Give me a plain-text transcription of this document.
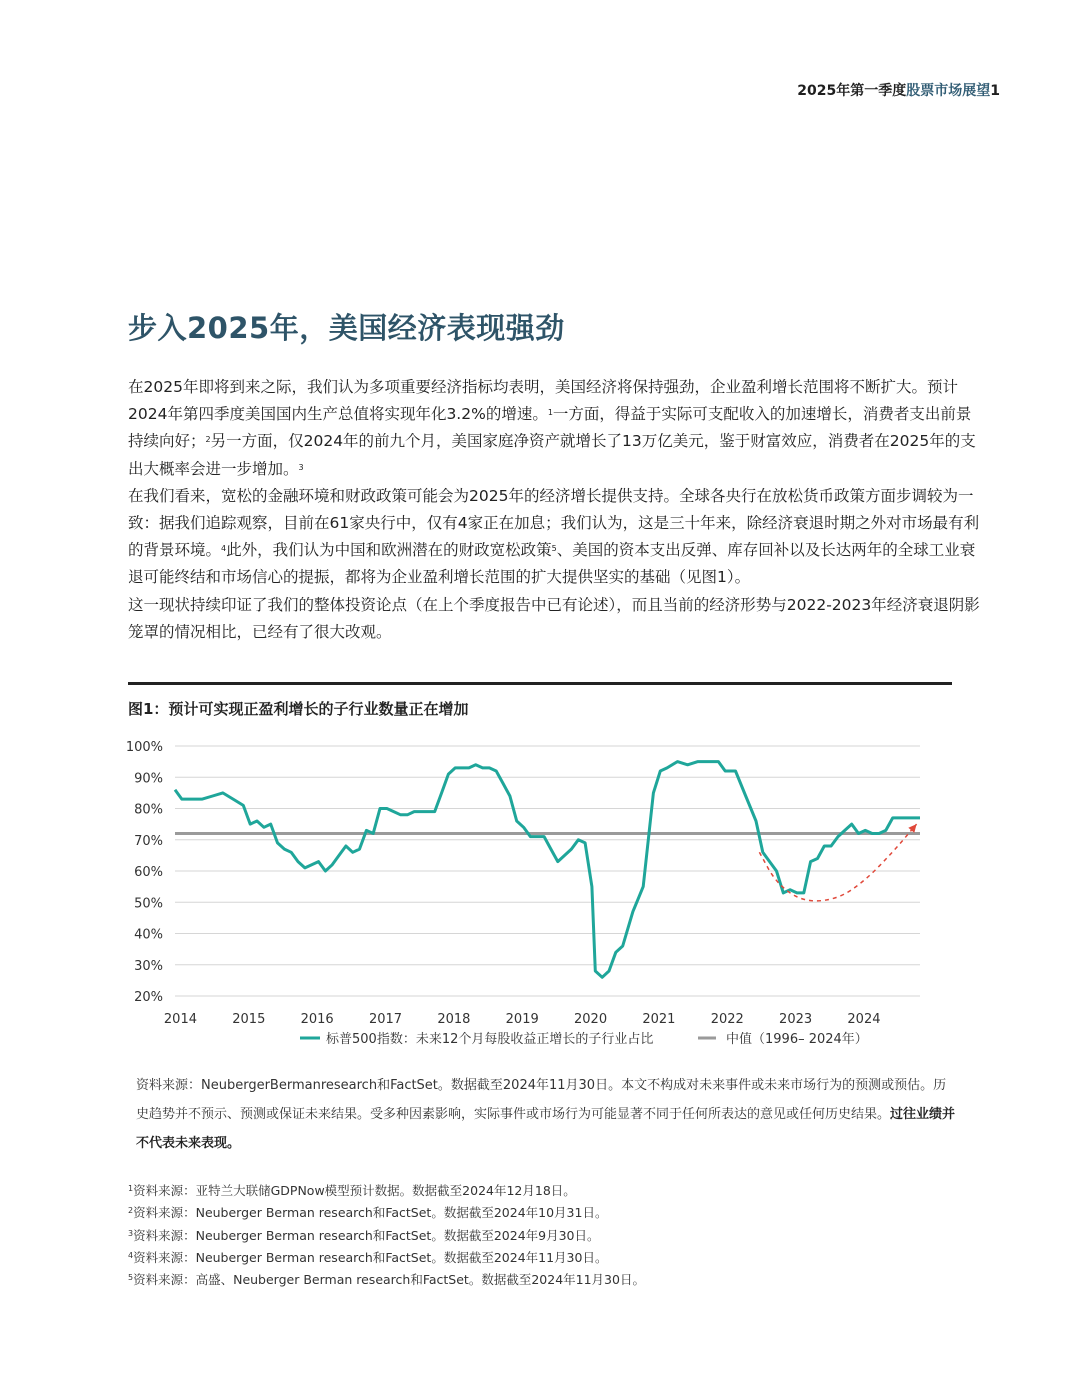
2025年第一季度股票市场展望1
步入2025年，美国经济表现强劲

在2025年即将到来之际，我们认为多项重要经济指标均表明，美国经济将保持强劲，企业盈利增长范围将不断扩大。预计2024年第四季度美国国内生产总值将实现年化3.2%的增速。$^1$一方面，得益于实际可支配收入的加速增长，消费者支出前景持续向好；$^2$另一方面，仅2024年的前九个月，美国家庭净资产就增长了13万亿美元，鉴于财富效应，消费者在2025年的支出大概率会进一步增加。$^3$

在我们看来，宽松的金融环境和财政政策可能会为2025年的经济增长提供支持。全球各央行在放松货币政策方面步调较为一致：据我们追踪观察，目前在61家央行中，仅有4家正在加息；我们认为，这是三十年来，除经济衰退时期之外对市场最有利的背景环境。$^4$此外，我们认为中国和欧洲潜在的财政宽松政策$^5$、美国的资本支出反弹、库存回补以及长达两年的全球工业衰退可能终结和市场信心的提振，都将为企业盈利增长范围的扩大提供坚实的基础（见图1）。

这一现状持续印证了我们的整体投资论点（在上个季度报告中已有论述），而且当前的经济形势与2022-2023年经济衰退阴影笼罩的情况相比，已经有了很大改观。

图1：预计可实现正盈利增长的子行业数量正在增加
100%
90%
80%
70%
60%
50%
40%
30%
20%
2014	2015	2016	2017	2018	2019	2020	2021	2022	2023	2024
标普500指数：未来12个月每股收益正增长的子行业占比	中值（1996– 2024年）
资料来源：NeubergerBermanresearch和FactSet。数据截至2024年11月30日。本文不构成对未来事件或未来市场行为的预测或预估。历史趋势并不预示、预测或保证未来结果。受多种因素影响，实际事件或市场行为可能显著不同于任何所表达的意见或任何历史结果。过往业绩并不代表未来表现。
$^1$资料来源：亚特兰大联储GDPNow模型预计数据。数据截至2024年12月18日。
$^2$资料来源：Neuberger Berman research和FactSet。数据截至2024年10月31日。
$^3$资料来源：Neuberger Berman research和FactSet。数据截至2024年9月30日。
$^4$资料来源：Neuberger Berman research和FactSet。数据截至2024年11月30日。
$^5$资料来源：高盛、Neuberger Berman research和FactSet。数据截至2024年11月30日。
